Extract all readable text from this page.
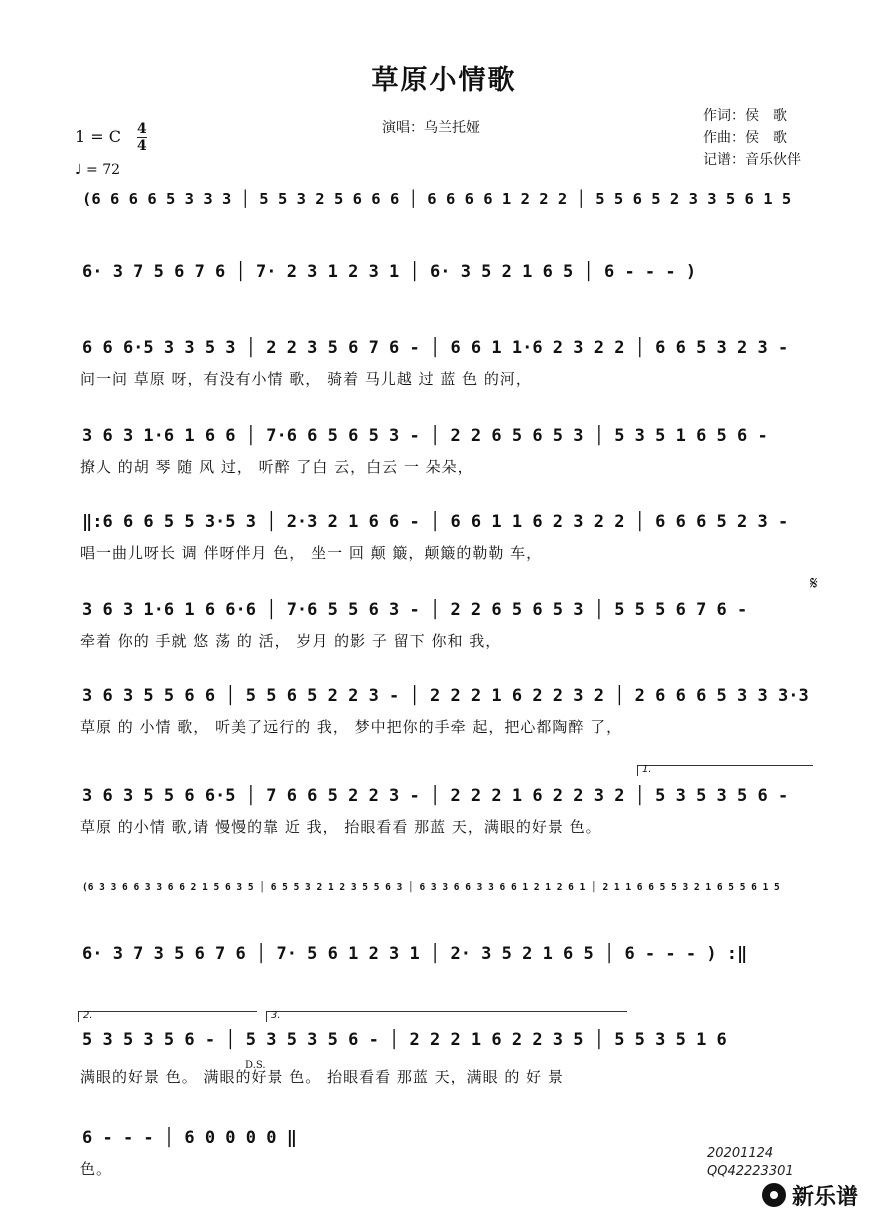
草原小情歌
1 = C 4
4
♩ = 72
演唱：乌兰托娅
作词：侯　歌
作曲：侯　歌
记谱：音乐伙伴
(6 6 6 6 5 3 3 3 │ 5 5 3 2 5 6 6 6 │ 6 6 6 6 1 2 2 2 │ 5 5 6 5 2 3 3 5 6 1 5
6· 3 7 5 6 7 6 │ 7· 2 3 1 2 3 1 │ 6· 3 5 2 1 6 5 │ 6 - - - )
6 6 6·5 3 3 5 3 │ 2 2 3 5 6 7 6 - │ 6 6 1 1·6 2 3 2 2 │ 6 6 5 3 2 3 -
问一问 草原 呀，有没有小情 歌， 骑着 马儿越 过 蓝 色 的河，
3 6 3 1·6 1 6 6 │ 7·6 6 5 6 5 3 - │ 2 2 6 5 6 5 3 │ 5 3 5 1 6 5 6 -
撩人 的胡 琴 随 风 过， 听醉 了白 云，白云 一 朵朵，
‖:6 6 6 5 5 3·5 3 │ 2·3 2 1 6 6 - │ 6 6 1 1 6 2 3 2 2 │ 6 6 6 5 2 3 -
唱一曲儿呀长 调 伴呀伴月 色， 坐一 回 颠 簸，颠簸的勒勒 车，
3 6 3 1·6 1 6 6·6 │ 7·6 5 5 6 3 - │ 2 2 6 5 6 5 3 │ 5 5 5 6 7 6 -
牵着 你的 手就 悠 荡 的 活， 岁月 的影 子 留下 你和 我，
3 6 3 5 5 6 6 │ 5 5 6 5 2 2 3 - │ 2 2 2 1 6 2 2 3 2 │ 2 6 6 6 5 3 3 3·3
草原 的 小情 歌， 听美了远行的 我， 梦中把你的手牵 起，把心都陶醉 了，
3 6 3 5 5 6 6·5 │ 7 6 6 5 2 2 3 - │ 2 2 2 1 6 2 2 3 2 │ 5 3 5 3 5 6 -
草原 的小情 歌,请 慢慢的靠 近 我， 抬眼看看 那蓝 天，满眼的好景 色。
(6 3 3 6 6 3 3 6 6 2 1 5 6 3 5 │ 6 5 5 3 2 1 2 3 5 5 6 3 │ 6 3 3 6 6 3 3 6 6 1 2 1 2 6 1 │ 2 1 1 6 6 5 5 3 2 1 6 5 5 6 1 5
6· 3 7 3 5 6 7 6 │ 7· 5 6 1 2 3 1 │ 2· 3 5 2 1 6 5 │ 6 - - - ) :‖
5 3 5 3 5 6 - │ 5 3 5 3 5 6 - │ 2 2 2 1 6 2 2 3 5 │ 5 5 3 5 1 6
满眼的好景 色。 满眼的好景 色。 抬眼看看 那蓝 天，满眼 的 好 景
6 - - - │ 6 0 0 0 0 ‖
色。
1.
2.	3.
D.S.
𝄋
20201124
QQ42223301
新乐谱
